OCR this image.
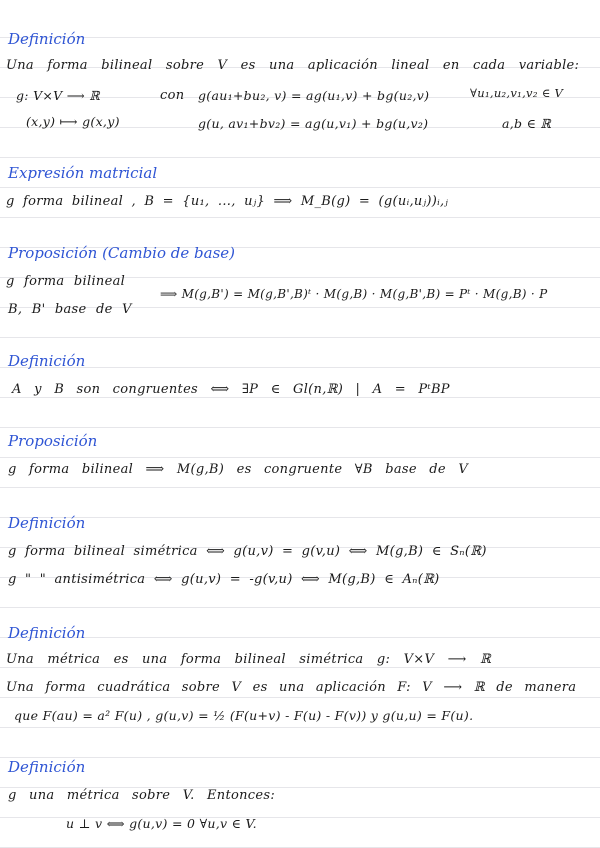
Definición
Una forma bilineal sobre V es una aplicación lineal en cada variable:
g: V×V ⟶ ℝ	con g(au₁+bu₂, v) = ag(u₁,v) + bg(u₂,v)	∀u₁,u₂,v₁,v₂ ∈ V
(x,y) ⟼ g(x,y)	g(u, av₁+bv₂) = ag(u,v₁) + bg(u,v₂)	a,b ∈ ℝ
Expresión matricial
g forma bilineal , B = {u₁, ..., uⱼ} ⟹ M_B(g) = (g(uᵢ,uⱼ))ᵢ,ⱼ
Proposición (Cambio de base)
g forma bilineal
B, B' base de V
⟹ M(g,B') = M(g,B',B)ᵗ · M(g,B) · M(g,B',B) = Pᵗ · M(g,B) · P
Definición
A y B son congruentes ⟺ ∃P ∈ Gl(n,ℝ) | A = PᵗBP
Proposición
g forma bilineal ⟹ M(g,B) es congruente ∀B base de V
Definición
g forma bilineal simétrica ⟺ g(u,v) = g(v,u) ⟺ M(g,B) ∈ Sₙ(ℝ)
g " " antisimétrica ⟺ g(u,v) = -g(v,u) ⟺ M(g,B) ∈ Aₙ(ℝ)
Definición
Una métrica es una forma bilineal simétrica g: V×V ⟶ ℝ
Una forma cuadrática sobre V es una aplicación F: V ⟶ ℝ de manera
que F(au) = a² F(u) , g(u,v) = ½ (F(u+v) - F(u) - F(v)) y g(u,u) = F(u).
Definición
g una métrica sobre V. Entonces:
u ⊥ v ⟺ g(u,v) = 0 ∀u,v ∈ V.
